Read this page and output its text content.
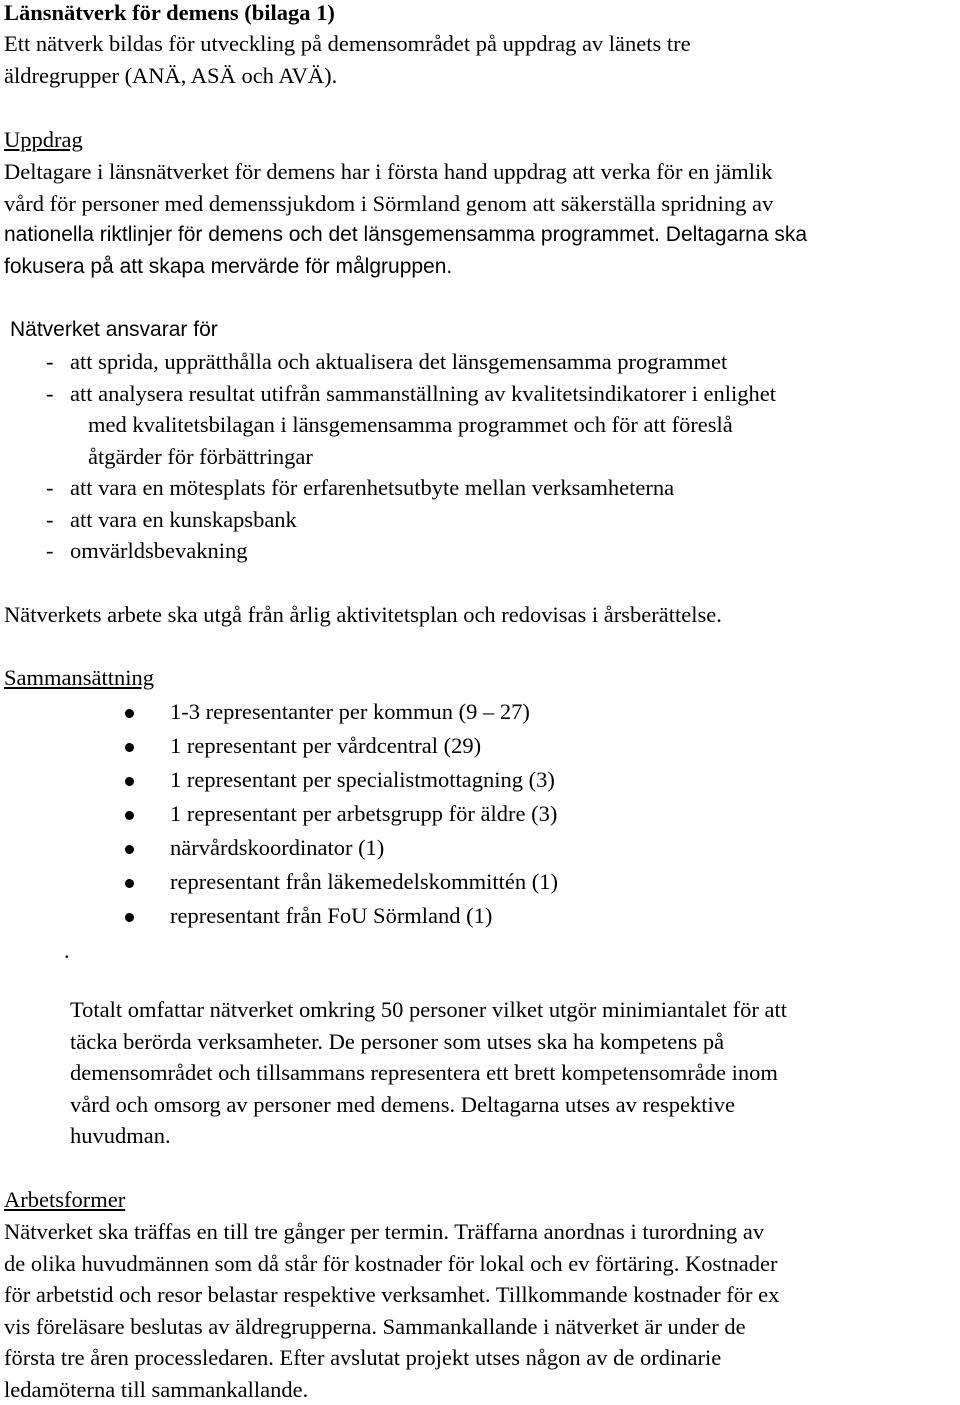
Länsnätverk för demens (bilaga 1)
Ett nätverk bildas för utveckling på demensområdet på uppdrag av länets tre
äldregrupper (ANÄ, ASÄ och AVÄ).
Uppdrag
Deltagare i länsnätverket för demens har i första hand uppdrag att verka för en jämlik
vård för personer med demenssjukdom i Sörmland genom att säkerställa spridning av
nationella riktlinjer för demens och det länsgemensamma programmet. Deltagarna ska
fokusera på att skapa mervärde för målgruppen.
Nätverket ansvarar för
- att sprida, upprätthålla och aktualisera det länsgemensamma programmet
- att analysera resultat utifrån sammanställning av kvalitetsindikatorer i enlighet
med kvalitetsbilagan i länsgemensamma programmet och för att föreslå
åtgärder för förbättringar
- att vara en mötesplats för erfarenhetsutbyte mellan verksamheterna
- att vara en kunskapsbank
- omvärldsbevakning
Nätverkets arbete ska utgå från årlig aktivitetsplan och redovisas i årsberättelse.
Sammansättning
1-3 representanter per kommun (9 – 27)
1 representant per vårdcentral (29)
1 representant per specialistmottagning (3)
1 representant per arbetsgrupp för äldre (3)
närvårdskoordinator (1)
representant från läkemedelskommittén (1)
representant från FoU Sörmland (1)
.
Totalt omfattar nätverket omkring 50 personer vilket utgör minimiantalet för att
täcka berörda verksamheter. De personer som utses ska ha kompetens på
demensområdet och tillsammans representera ett brett kompetensområde inom
vård och omsorg av personer med demens. Deltagarna utses av respektive
huvudman.
Arbetsformer
Nätverket ska träffas en till tre gånger per termin. Träffarna anordnas i turordning av
de olika huvudmännen som då står för kostnader för lokal och ev förtäring. Kostnader
för arbetstid och resor belastar respektive verksamhet. Tillkommande kostnader för ex
vis föreläsare beslutas av äldregrupperna. Sammankallande i nätverket är under de
första tre åren processledaren. Efter avslutat projekt utses någon av de ordinarie
ledamöterna till sammankallande.
